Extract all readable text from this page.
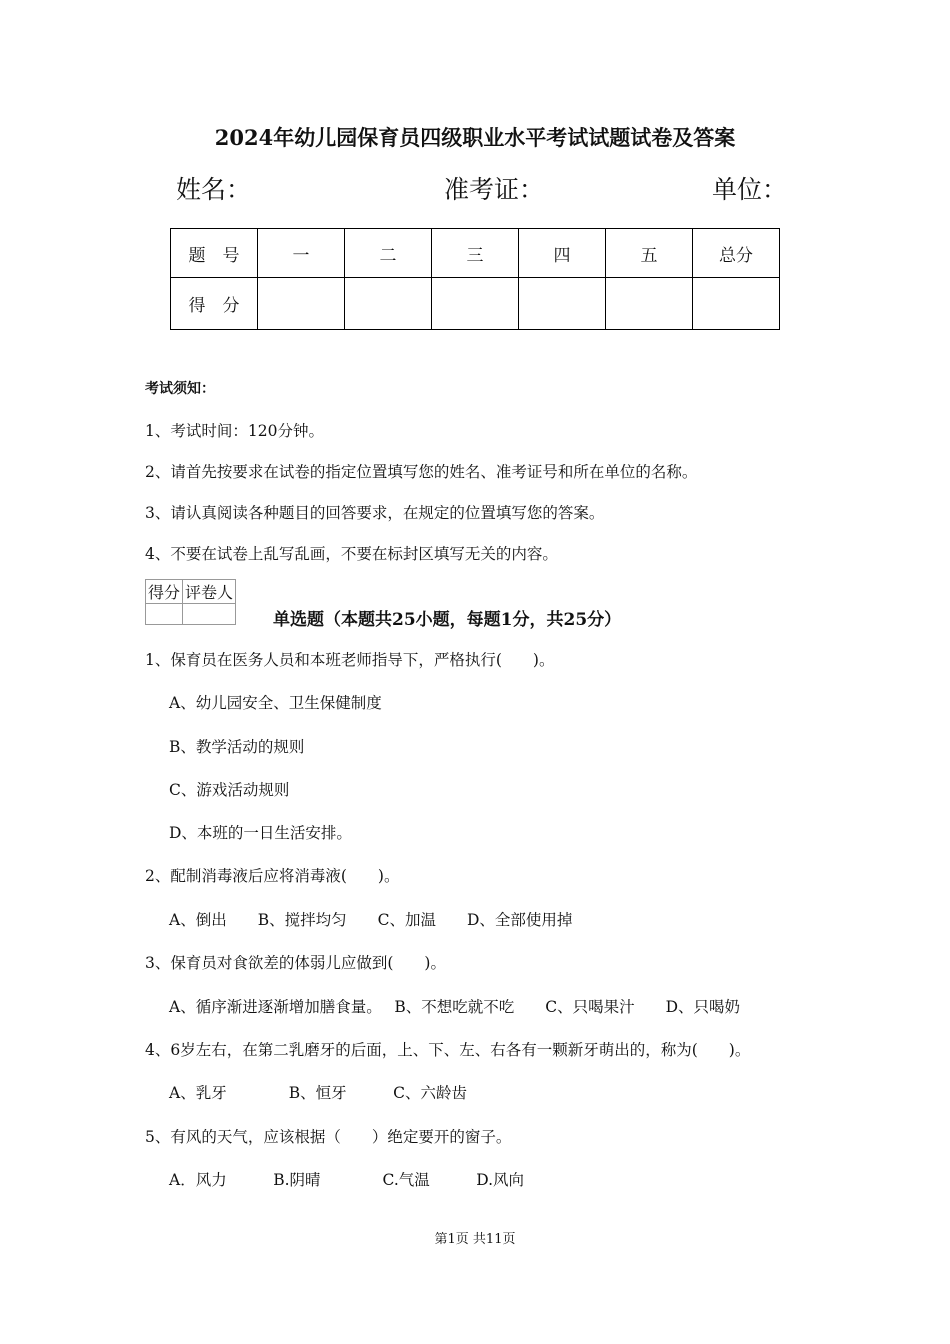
2024年幼儿园保育员四级职业水平考试试题试卷及答案
姓名：	准考证：	单位：
题　号	一	二	三	四	五	总分
得　分						
考试须知：
1、考试时间：120分钟。
2、请首先按要求在试卷的指定位置填写您的姓名、准考证号和所在单位的名称。
3、请认真阅读各种题目的回答要求，在规定的位置填写您的答案。
4、不要在试卷上乱写乱画，不要在标封区填写无关的内容。
得分	评卷人

单选题（本题共25小题，每题1分，共25分）
1、保育员在医务人员和本班老师指导下，严格执行(　　)。
A、幼儿园安全、卫生保健制度
B、教学活动的规则
C、游戏活动规则
D、本班的一日生活安排。
2、配制消毒液后应将消毒液(　　)。
A、倒出　　B、搅拌均匀　　C、加温　　D、全部使用掉
3、保育员对食欲差的体弱儿应做到(　　)。
A、循序渐进逐渐增加膳食量。　 B、不想吃就不吃　　C、只喝果汁　　D、只喝奶
4、6岁左右，在第二乳磨牙的后面，上、下、左、右各有一颗新牙萌出的，称为(　　)。
A、乳牙　　　　B、恒牙　　　C、六龄齿
5、有风的天气，应该根据（　　）绝定要开的窗子。
A．风力　　　B.阴晴　　　　C.气温　　　D.风向
第1页 共11页
